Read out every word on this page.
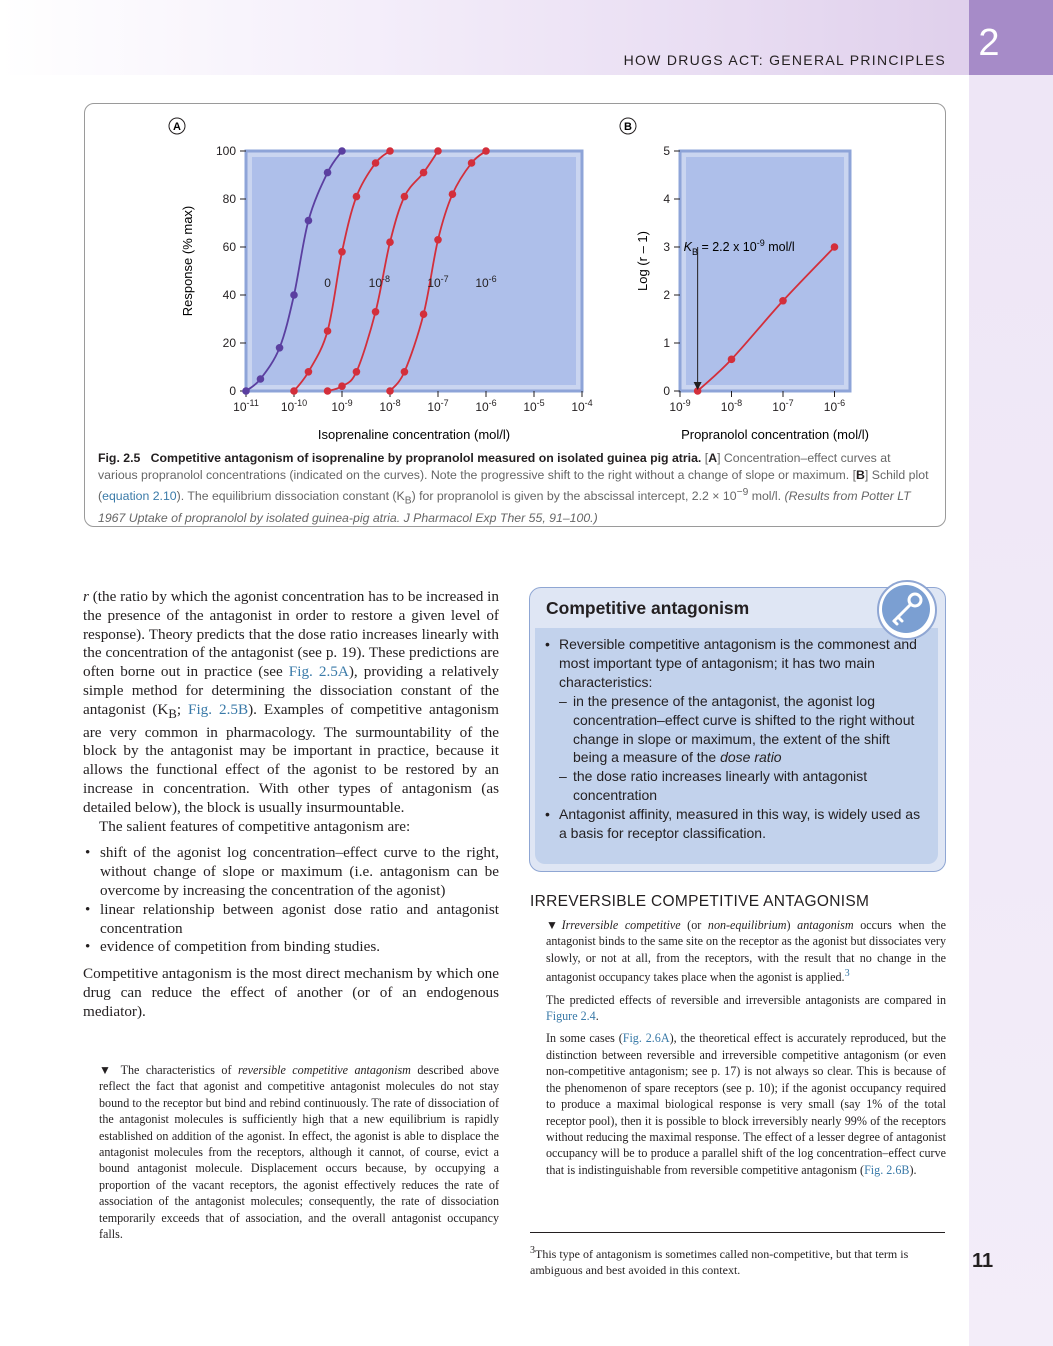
2
HOW DRUGS ACT: GENERAL PRINCIPLES
A
0
20
40
60
80
100
$10^{-11}$ $10^{-10}$ $10^{-9}$ $10^{-8}$ $10^{-7}$ $10^{-6}$ $10^{-5}$ $10^{-4}$
Isoprenaline concentration (mol/l)
Response (% max)	0	$10^{-8}$	$10^{-7}$ $10^{-6}$
B
0
1
2
3
4
5
$10^{-9}$	$10^{-8}$	$10^{-7}$	$10^{-6}$
Propranolol concentration (mol/l)
Log (r – 1)	$K_B = 2.2$ x $10^{-9}$ mol/l
Fig. 2.5 Competitive antagonism of isoprenaline by propranolol measured on isolated guinea pig atria. [A] Concentration–effect curves at various propranolol concentrations (indicated on the curves). Note the progressive shift to the right without a change of slope or maximum. [B] Schild plot (equation 2.10). The equilibrium dissociation constant $(K_B)$ for propranolol is given by the abscissal intercept, $2.2 \times 10^{-9}$ mol/l. (Results from Potter LT 1967 Uptake of propranolol by isolated guinea-pig atria. J Pharmacol Exp Ther 55, 91–100.)

r (the ratio by which the agonist concentration has to be increased in the presence of the antagonist in order to restore a given level of response). Theory predicts that the dose ratio increases linearly with the concentration of the antagonist (see p. 19). These predictions are often borne out in practice (see Fig. 2.5A), providing a relatively simple method for determining the dissociation constant of the antagonist ($K_B$; Fig. 2.5B). Examples of competitive antagonism are very common in pharmacology. The surmountability of the block by the antagonist may be important in practice, because it allows the functional effect of the agonist to be restored by an increase in concentration. With other types of antagonism (as detailed below), the block is usually insurmountable.

The salient features of competitive antagonism are:

• shift of the agonist log concentration–effect curve to the right, without change of slope or maximum (i.e. antagonism can be overcome by increasing the concentration of the agonist)
• linear relationship between agonist dose ratio and antagonist concentration
• evidence of competition from binding studies.

Competitive antagonism is the most direct mechanism by which one drug can reduce the effect of another (or of an endogenous mediator).

▼ The characteristics of reversible competitive antagonism described above reflect the fact that agonist and competitive antagonist molecules do not stay bound to the receptor but bind and rebind continuously. The rate of dissociation of the antagonist molecules is sufficiently high that a new equilibrium is rapidly established on addition of the agonist. In effect, the agonist is able to displace the antagonist molecules from the receptors, although it cannot, of course, evict a bound antagonist molecule. Displacement occurs because, by occupying a proportion of the vacant receptors, the agonist effectively reduces the rate of association of the antagonist molecules; consequently, the rate of dissociation temporarily exceeds that of association, and the overall antagonist occupancy falls.
Competitive antagonism
• Reversible competitive antagonism is the commonest and most important type of antagonism; it has two main characteristics:
– in the presence of the antagonist, the agonist log concentration–effect curve is shifted to the right without change in slope or maximum, the extent of the shift being a measure of the dose ratio
– the dose ratio increases linearly with antagonist concentration
• Antagonist affinity, measured in this way, is widely used as a basis for receptor classification.
IRREVERSIBLE COMPETITIVE ANTAGONISM

▼Irreversible competitive (or non-equilibrium) antagonism occurs when the antagonist binds to the same site on the receptor as the agonist but dissociates very slowly, or not at all, from the receptors, with the result that no change in the antagonist occupancy takes place when the agonist is applied.$^3$

The predicted effects of reversible and irreversible antagonists are compared in Figure 2.4.

In some cases (Fig. 2.6A), the theoretical effect is accurately reproduced, but the distinction between reversible and irreversible competitive antagonism (or even non-competitive antagonism; see p. 17) is not always so clear. This is because of the phenomenon of spare receptors (see p. 10); if the agonist occupancy required to produce a maximal biological response is very small (say 1% of the total receptor pool), then it is possible to block irreversibly nearly 99% of the receptors without reducing the maximal response. The effect of a lesser degree of antagonist occupancy will be to produce a parallel shift of the log concentration–effect curve that is indistinguishable from reversible competitive antagonism (Fig. 2.6B).

$^3$This type of antagonism is sometimes called non-competitive, but that term is ambiguous and best avoided in this context.	11
